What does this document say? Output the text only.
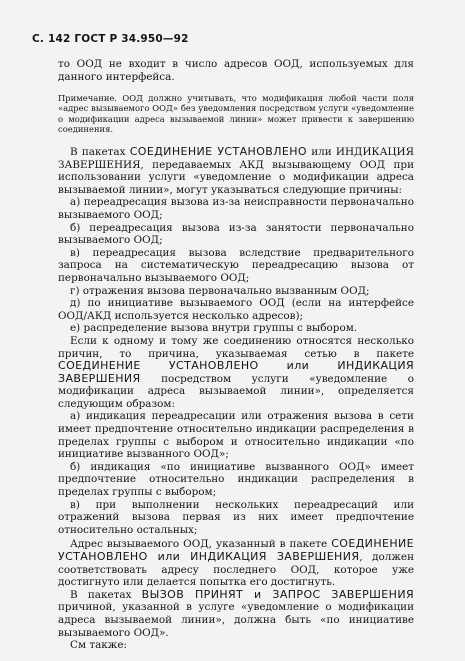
С. 142 ГОСТ Р 34.950—92

то ООД не входит в число адресов ООД, используемых для данного интерфейса.

Примечание. ООД должно учитывать, что модификация любой части поля «адрес вызываемого ООД» без уведомления посредством услуги «уведомление о модификации адреса вызываемой линии» может привести к завершению соединения.

В пакетах СОЕДИНЕНИЕ УСТАНОВЛЕНО или ИНДИКАЦИЯ ЗАВЕРШЕНИЯ, передаваемых АКД вызывающему ООД при использовании услуги «уведомление о модификации адреса вызываемой линии», могут указываться следующие причины:

а) переадресация вызова из-за неисправности первоначально вызываемого ООД;

б) переадресация вызова из-за занятости первоначально вызываемого ООД;

в) переадресация вызова вследствие предварительного запроса на систематическую переадресацию вызова от первоначально вызываемого ООД;

г) отражения вызова первоначально вызванным ООД;

д) по инициативе вызываемого ООД (если на интерфейсе ООД/АКД используется несколько адресов);

е) распределение вызова внутри группы с выбором.

Если к одному и тому же соединению относятся несколько причин, то причина, указываемая сетью в пакете СОЕДИНЕНИЕ УСТАНОВЛЕНО или ИНДИКАЦИЯ ЗАВЕРШЕНИЯ посредством услуги «уведомление о модификации адреса вызываемой линии», определяется следующим образом:

а) индикация переадресации или отражения вызова в сети имеет предпочтение относительно индикации распределения в пределах группы с выбором и относительно индикации «по инициативе вызванного ООД»;

б) индикация «по инициативе вызванного ООД» имеет предпочтение относительно индикации распределения в пределах группы с выбором;

в) при выполнении нескольких переадресаций или отражений вызова первая из них имеет предпочтение относительно остальных;

Адрес вызываемого ООД, указанный в пакете СОЕДИНЕНИЕ УСТАНОВЛЕНО или ИНДИКАЦИЯ ЗАВЕРШЕНИЯ, должен соответствовать адресу последнего ООД, которое уже достигнуто или делается попытка его достигнуть.

В пакетах ВЫЗОВ ПРИНЯТ и ЗАПРОС ЗАВЕРШЕНИЯ причиной, указанной в услуге «уведомление о модификации адреса вызываемой линии», должна быть «по инициативе вызываемого ООД».

См также:
